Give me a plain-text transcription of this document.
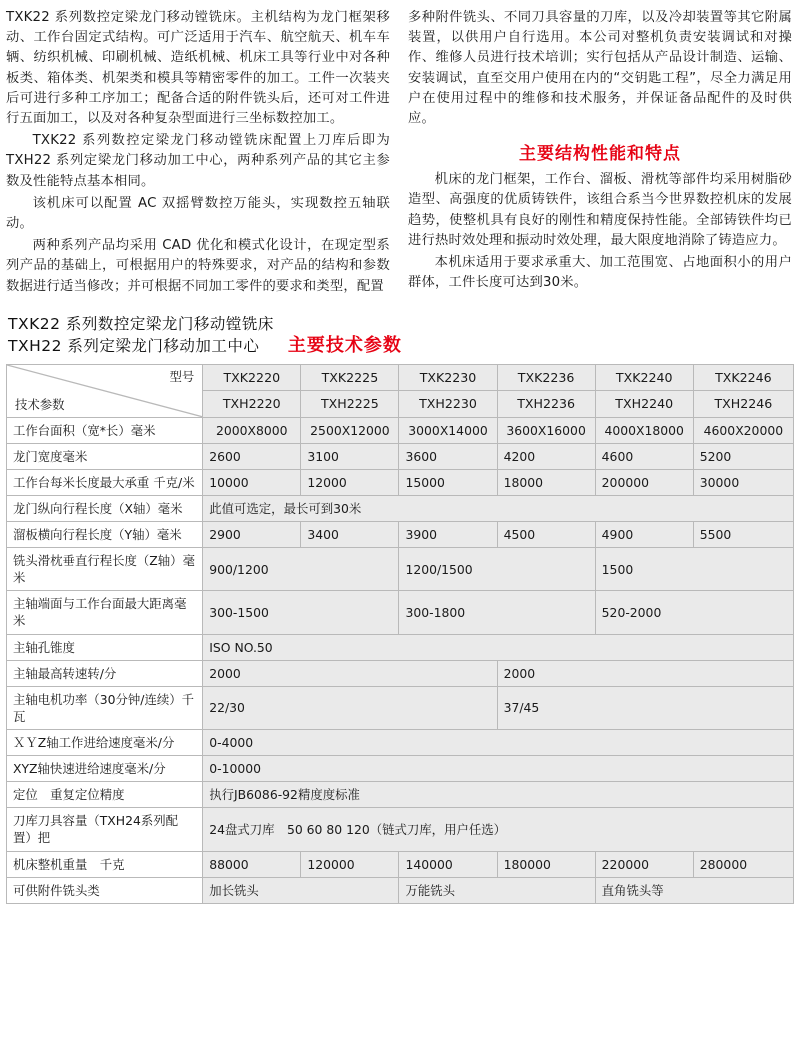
TXK22 系列数控定梁龙门移动镗铣床。主机结构为龙门框架移动、工作台固定式结构。可广泛适用于汽车、航空航天、机车车辆、纺织机械、印刷机械、造纸机械、机床工具等行业中对各种板类、箱体类、机架类和模具等精密零件的加工。工件一次装夹后可进行多种工序加工；配备合适的附件铣头后，还可对工件进行五面加工，以及对各种复杂型面进行三坐标数控加工。

TXK22 系列数控定梁龙门移动镗铣床配置上刀库后即为 TXH22 系列定梁龙门移动加工中心，两种系列产品的其它主参数及性能特点基本相同。

该机床可以配置 AC 双摇臂数控万能头，实现数控五轴联动。

两种系列产品均采用 CAD 优化和模式化设计，在现定型系列产品的基础上，可根据用户的特殊要求，对产品的结构和参数数据进行适当修改；并可根据不同加工零件的要求和类型，配置

多种附件铣头、不同刀具容量的刀库，以及冷却装置等其它附属装置，以供用户自行选用。本公司对整机负责安装调试和对操作、维修人员进行技术培训；实行包括从产品设计制造、运输、安装调试，直至交用户使用在内的“交钥匙工程”，尽全力满足用户在使用过程中的维修和技术服务，并保证备品配件的及时供应。

主要结构性能和特点

机床的龙门框架，工作台、溜板、滑枕等部件均采用树脂砂造型、高强度的优质铸铁件，该组合系当今世界数控机床的发展趋势，使整机具有良好的刚性和精度保持性能。全部铸铁件均已进行热时效处理和振动时效处理，最大限度地消除了铸造应力。

本机床适用于要求承重大、加工范围宽、占地面积小的用户群体，工件长度可达到30米。

TXK22 系列数控定梁龙门移动镗铣床
TXH22 系列定梁龙门移动加工中心	主要技术参数
型号
技术参数	TXK2220	TXK2225	TXK2230	TXK2236	TXK2240	TXK2246
	TXH2220	TXH2225	TXH2230	TXH2236	TXH2240	TXH2246
工作台面积（宽*长）毫米	2000X8000	2500X12000	3000X14000	3600X16000	4000X18000	4600X20000
龙门宽度毫米	2600	3100	3600	4200	4600	5200
工作台每米长度最大承重 千克/米	10000	12000	15000	18000	200000	30000
龙门纵向行程长度（X轴）毫米	此值可选定，最长可到30米					
溜板横向行程长度（Y轴）毫米	2900	3400	3900	4500	4900	5500
铣头滑枕垂直行程长度（Z轴）毫米	900/1200		1200/1500		1500	
主轴端面与工作台面最大距离毫米	300-1500		300-1800		520-2000	
主轴孔锥度	ISO NO.50					
主轴最高转速转/分	2000			2000		
主轴电机功率（30分钟/连续）千瓦	22/30			37/45		
ＸＹZ轴工作进给速度毫米/分	0-4000					
XYZ轴快速进给速度毫米/分	0-10000					
定位　重复定位精度	执行JB6086-92精度度标准					
刀库刀具容量（TXH24系列配置）把	24盘式刀库　50 60 80 120（链式刀库，用户任选）					
机床整机重量　千克	88000	120000	140000	180000	220000	280000
可供附件铣头类	加长铣头		万能铣头		直角铣头等	
